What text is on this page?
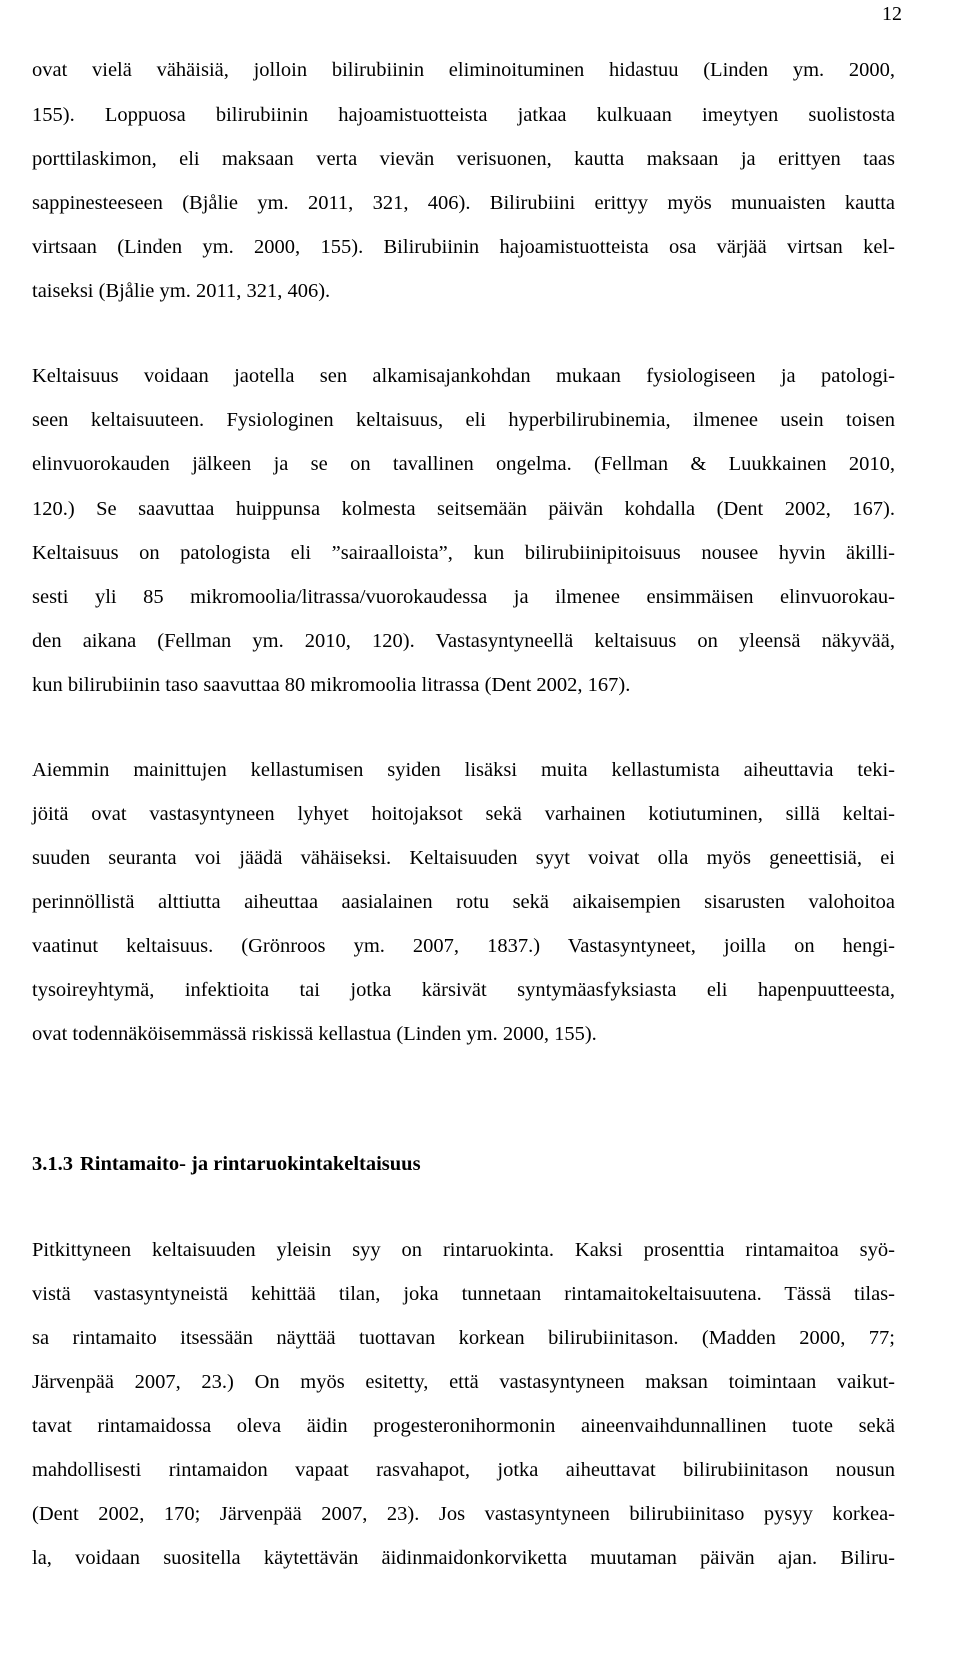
12
ovat vielä vähäisiä, jolloin bilirubiinin eliminoituminen hidastuu (Linden ym. 2000,
155). Loppuosa bilirubiinin hajoamistuotteista jatkaa kulkuaan imeytyen suolistosta
porttilaskimon, eli maksaan verta vievän verisuonen, kautta maksaan ja erittyen taas
sappinesteeseen (Bjålie ym. 2011, 321, 406). Bilirubiini erittyy myös munuaisten kautta
virtsaan (Linden ym. 2000, 155). Bilirubiinin hajoamistuotteista osa värjää virtsan kel-
taiseksi (Bjålie ym. 2011, 321, 406).
Keltaisuus voidaan jaotella sen alkamisajankohdan mukaan fysiologiseen ja patologi-
seen keltaisuuteen. Fysiologinen keltaisuus, eli hyperbilirubinemia, ilmenee usein toisen
elinvuorokauden jälkeen ja se on tavallinen ongelma. (Fellman & Luukkainen 2010,
120.) Se saavuttaa huippunsa kolmesta seitsemään päivän kohdalla (Dent 2002, 167).
Keltaisuus on patologista eli ”sairaalloista”, kun bilirubiinipitoisuus nousee hyvin äkilli-
sesti yli 85 mikromoolia/litrassa/vuorokaudessa ja ilmenee ensimmäisen elinvuorokau-
den aikana (Fellman ym. 2010, 120). Vastasyntyneellä keltaisuus on yleensä näkyvää,
kun bilirubiinin taso saavuttaa 80 mikromoolia litrassa (Dent 2002, 167).
Aiemmin mainittujen kellastumisen syiden lisäksi muita kellastumista aiheuttavia teki-
jöitä ovat vastasyntyneen lyhyet hoitojaksot sekä varhainen kotiutuminen, sillä keltai-
suuden seuranta voi jäädä vähäiseksi. Keltaisuuden syyt voivat olla myös geneettisiä, ei
perinnöllistä alttiutta aiheuttaa aasialainen rotu sekä aikaisempien sisarusten valohoitoa
vaatinut keltaisuus. (Grönroos ym. 2007, 1837.) Vastasyntyneet, joilla on hengi-
tysoireyhtymä, infektioita tai jotka kärsivät syntymäasfyksiasta eli hapenpuutteesta,
ovat todennäköisemmässä riskissä kellastua (Linden ym. 2000, 155).
3.1.3 Rintamaito- ja rintaruokintakeltaisuus
Pitkittyneen keltaisuuden yleisin syy on rintaruokinta. Kaksi prosenttia rintamaitoa syö-
vistä vastasyntyneistä kehittää tilan, joka tunnetaan rintamaitokeltaisuutena. Tässä tilas-
sa rintamaito itsessään näyttää tuottavan korkean bilirubiinitason. (Madden 2000, 77;
Järvenpää 2007, 23.) On myös esitetty, että vastasyntyneen maksan toimintaan vaikut-
tavat rintamaidossa oleva äidin progesteronihormonin aineenvaihdunnallinen tuote sekä
mahdollisesti rintamaidon vapaat rasvahapot, jotka aiheuttavat bilirubiinitason nousun
(Dent 2002, 170; Järvenpää 2007, 23). Jos vastasyntyneen bilirubiinitaso pysyy korkea-
la, voidaan suositella käytettävän äidinmaidonkorviketta muutaman päivän ajan. Biliru-
